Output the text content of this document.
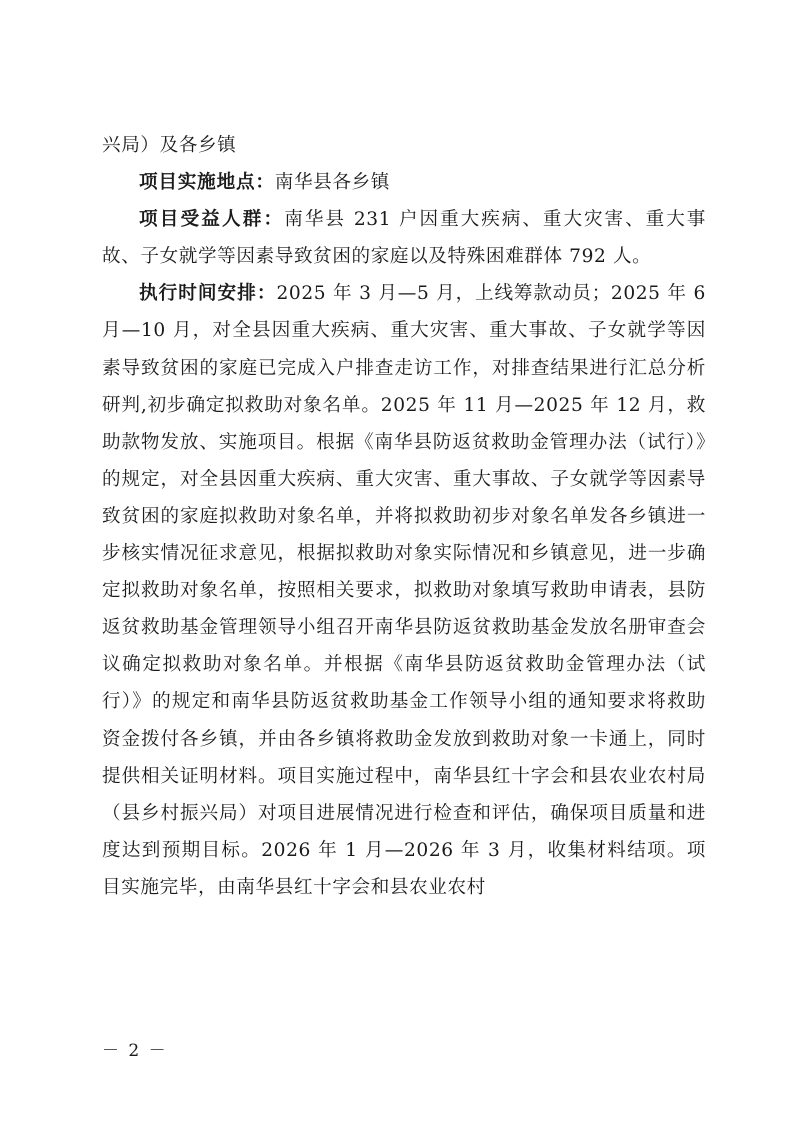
兴局）及各乡镇

项目实施地点：南华县各乡镇

项目受益人群：南华县 231 户因重大疾病、重大灾害、重大事故、子女就学等因素导致贫困的家庭以及特殊困难群体 792 人。

执行时间安排：2025 年 3 月—5 月，上线筹款动员；2025 年 6 月—10 月，对全县因重大疾病、重大灾害、重大事故、子女就学等因素导致贫困的家庭已完成入户排查走访工作，对排查结果进行汇总分析研判,初步确定拟救助对象名单。2025 年 11 月—2025 年 12 月，救助款物发放、实施项目。根据《南华县防返贫救助金管理办法（试行）》的规定，对全县因重大疾病、重大灾害、重大事故、子女就学等因素导致贫困的家庭拟救助对象名单，并将拟救助初步对象名单发各乡镇进一步核实情况征求意见，根据拟救助对象实际情况和乡镇意见，进一步确定拟救助对象名单，按照相关要求，拟救助对象填写救助申请表，县防返贫救助基金管理领导小组召开南华县防返贫救助基金发放名册审查会议确定拟救助对象名单。并根据《南华县防返贫救助金管理办法（试行）》的规定和南华县防返贫救助基金工作领导小组的通知要求将救助资金拨付各乡镇，并由各乡镇将救助金发放到救助对象一卡通上，同时提供相关证明材料。项目实施过程中，南华县红十字会和县农业农村局（县乡村振兴局）对项目进展情况进行检查和评估，确保项目质量和进度达到预期目标。2026 年 1 月—2026 年 3 月，收集材料结项。项目实施完毕，由南华县红十字会和县农业农村

－ 2 －
